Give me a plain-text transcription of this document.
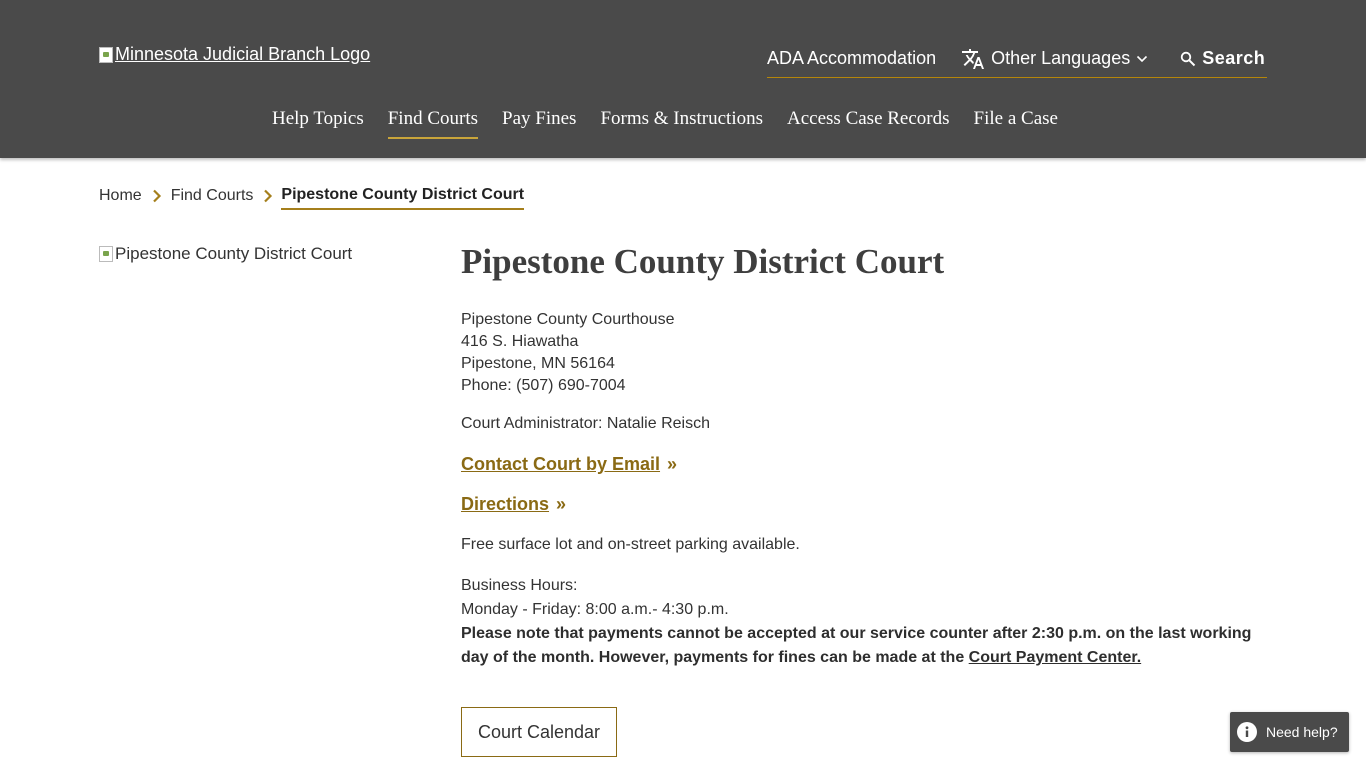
Minnesota Judicial Branch Logo	ADA Accommodation	Other Languages	Search
Help Topics Find Courts Pay Fines Forms & Instructions Access Case Records File a Case
Home Find Courts Pipestone County District Court
Pipestone County District Court	Pipestone County District Court
Pipestone County Courthouse
416 S. Hiawatha
Pipestone, MN 56164
Phone: (507) 690-7004
Court Administrator: Natalie Reisch
Contact Court by Email »
Directions »
Free surface lot and on-street parking available.
Business Hours:
Monday - Friday: 8:00 a.m.- 4:30 p.m.
Please note that payments cannot be accepted at our service counter after 2:30 p.m. on the last working day of the month. However, payments for fines can be made at the Court Payment Center.
Court Calendar	Need help?
